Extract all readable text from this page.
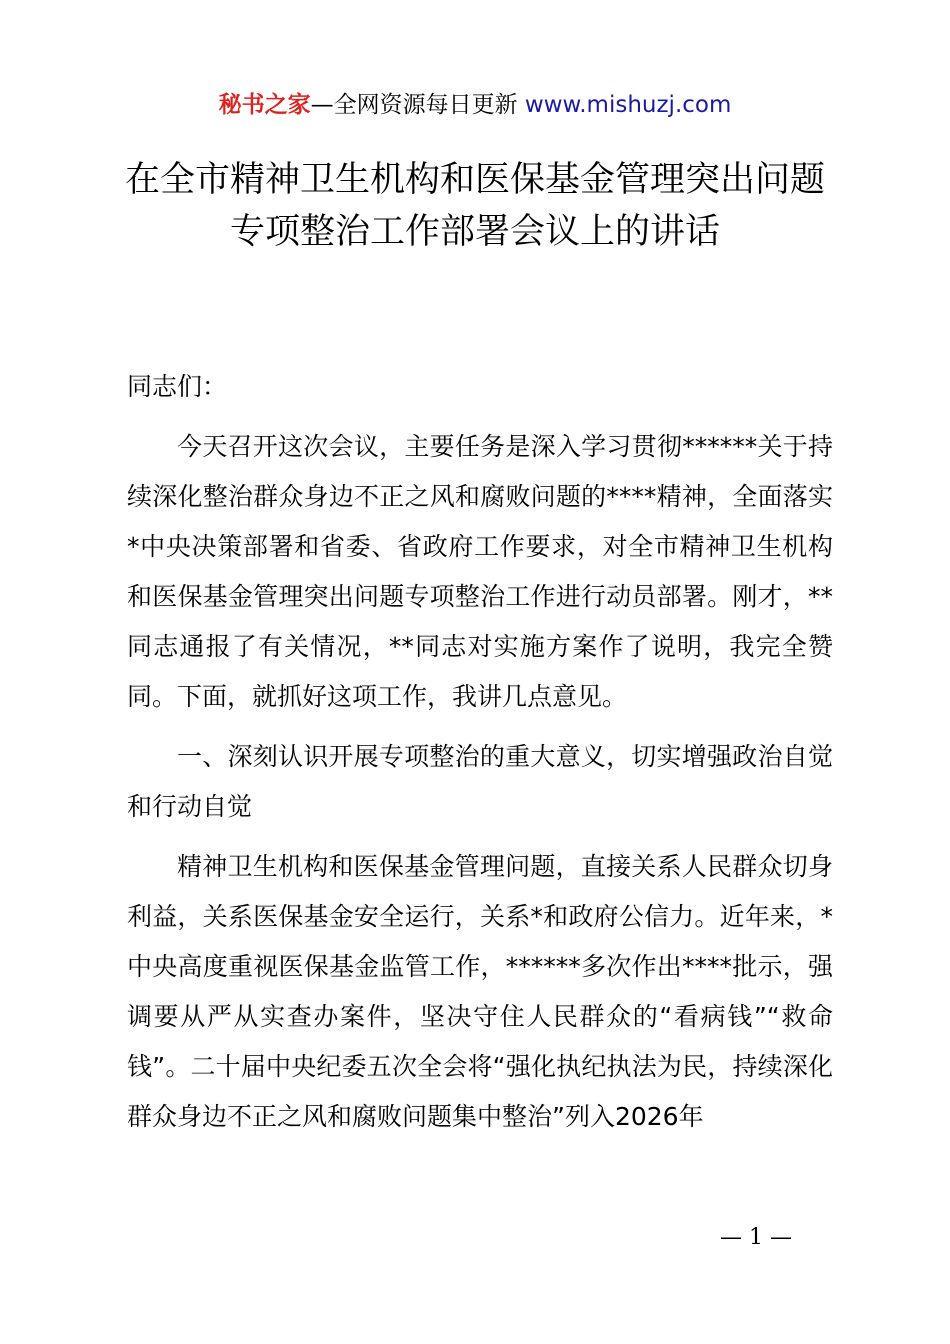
秘书之家—全网资源每日更新 www.mishuzj.com
在全市精神卫生机构和医保基金管理突出问题
专项整治工作部署会议上的讲话

同志们：

今天召开这次会议，主要任务是深入学习贯彻******关于持续深化整治群众身边不正之风和腐败问题的****精神，全面落实*中央决策部署和省委、省政府工作要求，对全市精神卫生机构和医保基金管理突出问题专项整治工作进行动员部署。刚才，**同志通报了有关情况，**同志对实施方案作了说明，我完全赞同。下面，就抓好这项工作，我讲几点意见。

一、深刻认识开展专项整治的重大意义，切实增强政治自觉和行动自觉

精神卫生机构和医保基金管理问题，直接关系人民群众切身利益，关系医保基金安全运行，关系*和政府公信力。近年来，*中央高度重视医保基金监管工作，******多次作出****批示，强调要从严从实查办案件，坚决守住人民群众的“看病钱”“救命钱”。二十届中央纪委五次全会将“强化执纪执法为民，持续深化群众身边不正之风和腐败问题集中整治”列入2026年

— 1 —
